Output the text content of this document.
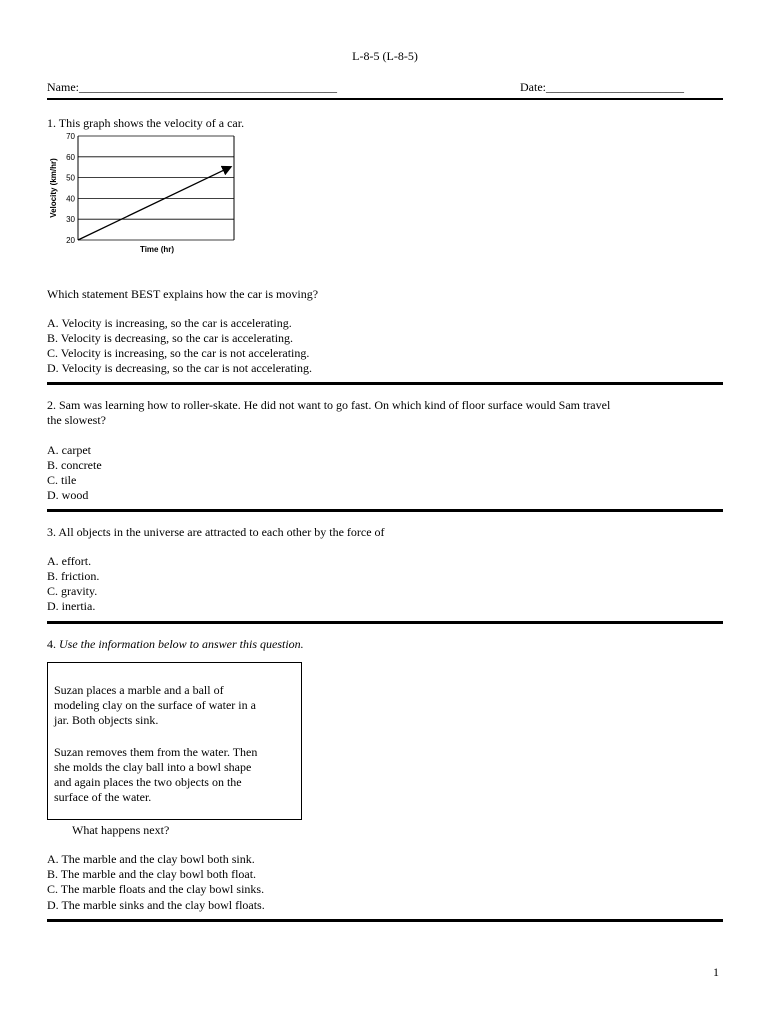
L-8-5 (L-8-5)
Name:___________________________________________	Date:_______________________
1. This graph shows the velocity of a car.
70
60
50
40
30
20
Velocity (km/hr)
Time (hr)
Which statement BEST explains how the car is moving?
A. Velocity is increasing, so the car is accelerating.
B. Velocity is decreasing, so the car is accelerating.
C. Velocity is increasing, so the car is not accelerating.
D. Velocity is decreasing, so the car is not accelerating.
2. Sam was learning how to roller-skate. He did not want to go fast. On which kind of floor surface would Sam travel
the slowest?
A. carpet
B. concrete
C. tile
D. wood
3. All objects in the universe are attracted to each other by the force of
A. effort.
B. friction.
C. gravity.
D. inertia.
4. Use the information below to answer this question.
Suzan places a marble and a ball of
modeling clay on the surface of water in a
jar. Both objects sink.
Suzan removes them from the water. Then
she molds the clay ball into a bowl shape
and again places the two objects on the
surface of the water.
What happens next?
A. The marble and the clay bowl both sink.
B. The marble and the clay bowl both float.
C. The marble floats and the clay bowl sinks.
D. The marble sinks and the clay bowl floats.
1
